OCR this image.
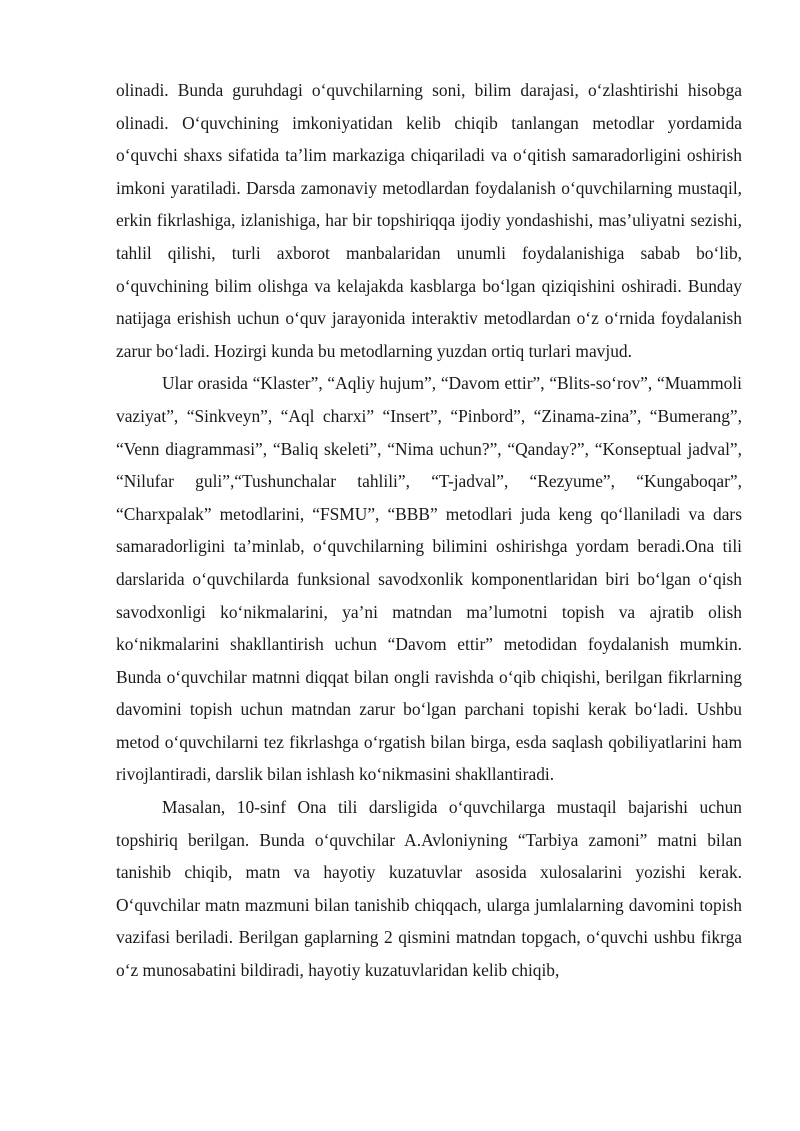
olinadi. Bunda guruhdagi o‘quvchilarning soni, bilim darajasi, o‘zlashtirishi hisobga olinadi. O‘quvchining imkoniyatidan kelib chiqib tanlangan metodlar yordamida o‘quvchi shaxs sifatida ta’lim markaziga chiqariladi va o‘qitish samaradorligini oshirish imkoni yaratiladi. Darsda zamonaviy metodlardan foydalanish o‘quvchilarning mustaqil, erkin fikrlashiga, izlanishiga, har bir topshiriqqa ijodiy yondashishi, mas’uliyatni sezishi, tahlil qilishi, turli axborot manbalaridan unumli foydalanishiga sabab bo‘lib, o‘quvchining bilim olishga va kelajakda kasblarga bo‘lgan qiziqishini oshiradi. Bunday natijaga erishish uchun o‘quv jarayonida interaktiv metodlardan o‘z o‘rnida foydalanish zarur bo‘ladi. Hozirgi kunda bu metodlarning yuzdan ortiq turlari mavjud.

Ular orasida “Klaster”, “Aqliy hujum”, “Davom ettir”, “Blits-so‘rov”, “Muammoli vaziyat”, “Sinkveyn”, “Aql charxi” “Insert”, “Pinbord”, “Zinama-zina”, “Bumerang”, “Venn diagrammasi”, “Baliq skeleti”, “Nima uchun?”, “Qanday?”, “Konseptual jadval”, “Nilufar guli”,“Tushunchalar tahlili”, “T-jadval”, “Rezyume”, “Kungaboqar”, “Charxpalak” metodlarini, “FSMU”, “BBB” metodlari juda keng qo‘llaniladi va dars samaradorligini ta’minlab, o‘quvchilarning bilimini oshirishga yordam beradi.Ona tili darslarida o‘quvchilarda funksional savodxonlik komponentlaridan biri bo‘lgan o‘qish savodxonligi ko‘nikmalarini, ya’ni matndan ma’lumotni topish va ajratib olish ko‘nikmalarini shakllantirish uchun “Davom ettir” metodidan foydalanish mumkin. Bunda o‘quvchilar matnni diqqat bilan ongli ravishda o‘qib chiqishi, berilgan fikrlarning davomini topish uchun matndan zarur bo‘lgan parchani topishi kerak bo‘ladi. Ushbu metod o‘quvchilarni tez fikrlashga o‘rgatish bilan birga, esda saqlash qobiliyatlarini ham rivojlantiradi, darslik bilan ishlash ko‘nikmasini shakllantiradi.

Masalan, 10-sinf Ona tili darsligida o‘quvchilarga mustaqil bajarishi uchun topshiriq berilgan. Bunda o‘quvchilar A.Avloniyning “Tarbiya zamoni” matni bilan tanishib chiqib, matn va hayotiy kuzatuvlar asosida xulosalarini yozishi kerak. O‘quvchilar matn mazmuni bilan tanishib chiqqach, ularga jumlalarning davomini topish vazifasi beriladi. Berilgan gaplarning 2 qismini matndan topgach, o‘quvchi ushbu fikrga o‘z munosabatini bildiradi, hayotiy kuzatuvlaridan kelib chiqib,
